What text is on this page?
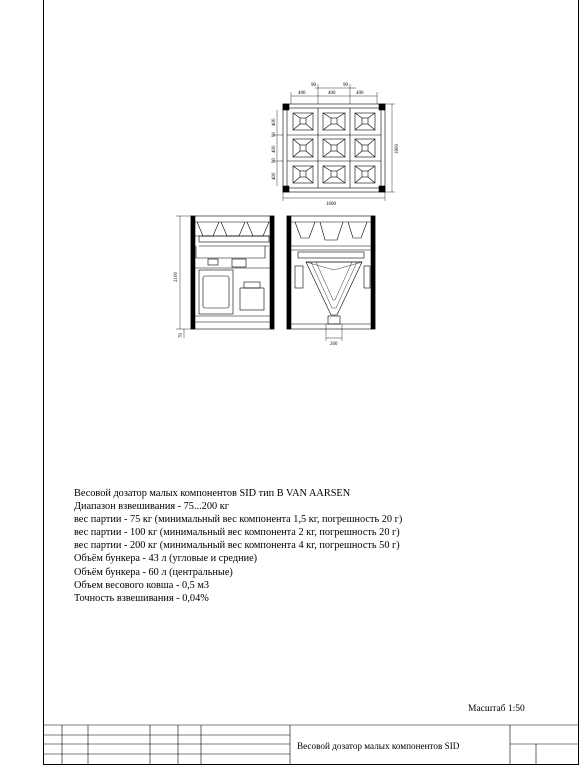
90	90
400	400	400
400
90
400
90
400
1600
1600
2100
70
260
Весовой дозатор малых компонентов SID тип B VAN AARSEN
Диапазон взвешивания - 75...200 кг
вес партии - 75 кг (минимальный вес компонента 1,5 кг, погрешность 20 г)
вес партии - 100 кг (минимальный вес компонента 2 кг, погрешность 20 г)
вес партии - 200 кг (минимальный вес компонента 4 кг, погрешность 50 г)
Объём бункера - 43 л (угловые и средние)
Объём бункера - 60 л (центральные)
Объем весового ковша - 0,5 м3
Точность взвешивания - 0,04%
Масштаб 1:50
Весовой дозатор малых компонентов SID
